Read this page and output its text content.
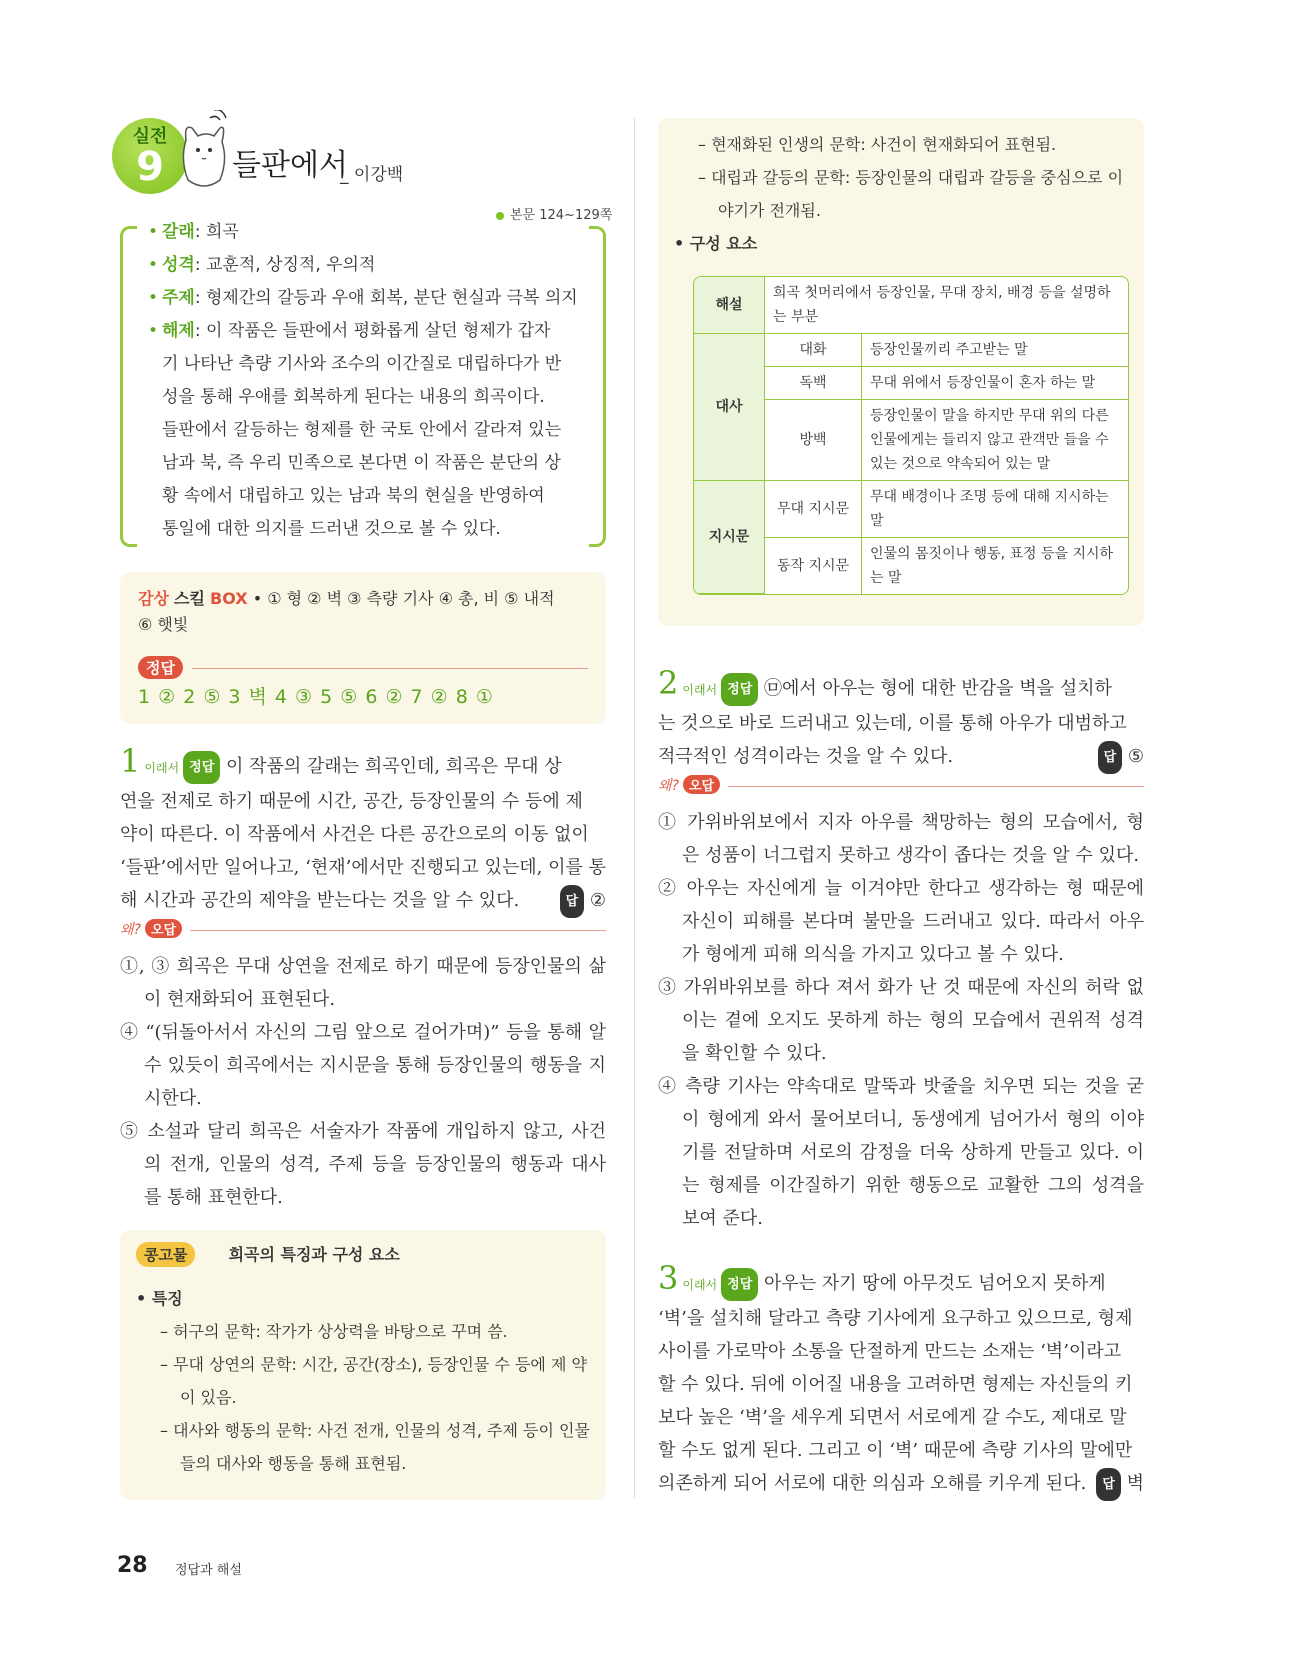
실전
9	들판에서
_ 이강백
본문 124~129쪽
• 갈래: 희곡
• 성격: 교훈적, 상징적, 우의적
• 주제: 형제간의 갈등과 우애 회복, 분단 현실과 극복 의지
• 해제: 이 작품은 들판에서 평화롭게 살던 형제가 갑자
기 나타난 측량 기사와 조수의 이간질로 대립하다가 반
성을 통해 우애를 회복하게 된다는 내용의 희곡이다.
들판에서 갈등하는 형제를 한 국토 안에서 갈라져 있는
남과 북, 즉 우리 민족으로 본다면 이 작품은 분단의 상
황 속에서 대립하고 있는 남과 북의 현실을 반영하여
통일에 대한 의지를 드러낸 것으로 볼 수 있다.
감상 스킬 BOX • ① 형 ② 벽 ③ 측량 기사 ④ 총, 비 ⑤ 내적
⑥ 햇빛
정답
1 ② 2 ⑤ 3 벽 4 ③ 5 ⑤ 6 ② 7 ② 8 ①
1 이래서 정답 이 작품의 갈래는 희곡인데, 희곡은 무대 상
연을 전제로 하기 때문에 시간, 공간, 등장인물의 수 등에 제
약이 따른다. 이 작품에서 사건은 다른 공간으로의 이동 없이
‘들판’에서만 일어나고, ‘현재’에서만 진행되고 있는데, 이를 통
해 시간과 공간의 제약을 받는다는 것을 알 수 있다.	답 ②
왜? 오답
①, ③ 희곡은 무대 상연을 전제로 하기 때문에 등장인물의 삶 이 현재화되어 표현된다.
④ “(뒤돌아서서 자신의 그림 앞으로 걸어가며)” 등을 통해 알 수 있듯이 희곡에서는 지시문을 통해 등장인물의 행동을 지시한다.
⑤ 소설과 달리 희곡은 서술자가 작품에 개입하지 않고, 사건 의 전개, 인물의 성격, 주제 등을 등장인물의 행동과 대사 를 통해 표현한다.
콩고물	희곡의 특징과 구성 요소
• 특징
– 허구의 문학: 작가가 상상력을 바탕으로 꾸며 씀.
– 무대 상연의 문학: 시간, 공간(장소), 등장인물 수 등에 제 약이 있음.
– 대사와 행동의 문학: 사건 전개, 인물의 성격, 주제 등이 인물들의 대사와 행동을 통해 표현됨.
– 현재화된 인생의 문학: 사건이 현재화되어 표현됨.
– 대립과 갈등의 문학: 등장인물의 대립과 갈등을 중심으로 이야기가 전개됨.
• 구성 요소
해설	희곡 첫머리에서 등장인물, 무대 장치, 배경 등을 설명하는 부분	
대사	대화	등장인물끼리 주고받는 말
	독백	무대 위에서 등장인물이 혼자 하는 말
	방백	등장인물이 말을 하지만 무대 위의 다른 인물에게는 들리지 않고 관객만 들을 수 있는 것으로 약속되어 있는 말
지시문	무대 지시문	무대 배경이나 조명 등에 대해 지시하는 말
	동작 지시문	인물의 몸짓이나 행동, 표정 등을 지시하는 말
2 이래서 정답 ㉤에서 아우는 형에 대한 반감을 벽을 설치하
는 것으로 바로 드러내고 있는데, 이를 통해 아우가 대범하고
적극적인 성격이라는 것을 알 수 있다.	답 ⑤
왜? 오답
① 가위바위보에서 지자 아우를 책망하는 형의 모습에서, 형 은 성품이 너그럽지 못하고 생각이 좁다는 것을 알 수 있다.
② 아우는 자신에게 늘 이겨야만 한다고 생각하는 형 때문에 자신이 피해를 본다며 불만을 드러내고 있다. 따라서 아우 가 형에게 피해 의식을 가지고 있다고 볼 수 있다.
③ 가위바위보를 하다 져서 화가 난 것 때문에 자신의 허락 없 이는 곁에 오지도 못하게 하는 형의 모습에서 권위적 성격 을 확인할 수 있다.
④ 측량 기사는 약속대로 말뚝과 밧줄을 치우면 되는 것을 굳 이 형에게 와서 물어보더니, 동생에게 넘어가서 형의 이야 기를 전달하며 서로의 감정을 더욱 상하게 만들고 있다. 이 는 형제를 이간질하기 위한 행동으로 교활한 그의 성격을 보여 준다.
3 이래서 정답 아우는 자기 땅에 아무것도 넘어오지 못하게
‘벽’을 설치해 달라고 측량 기사에게 요구하고 있으므로, 형제
사이를 가로막아 소통을 단절하게 만드는 소재는 ‘벽’이라고
할 수 있다. 뒤에 이어질 내용을 고려하면 형제는 자신들의 키
보다 높은 ‘벽’을 세우게 되면서 서로에게 갈 수도, 제대로 말
할 수도 없게 된다. 그리고 이 ‘벽’ 때문에 측량 기사의 말에만
의존하게 되어 서로에 대한 의심과 오해를 키우게 된다.	답 벽
28 정답과 해설
